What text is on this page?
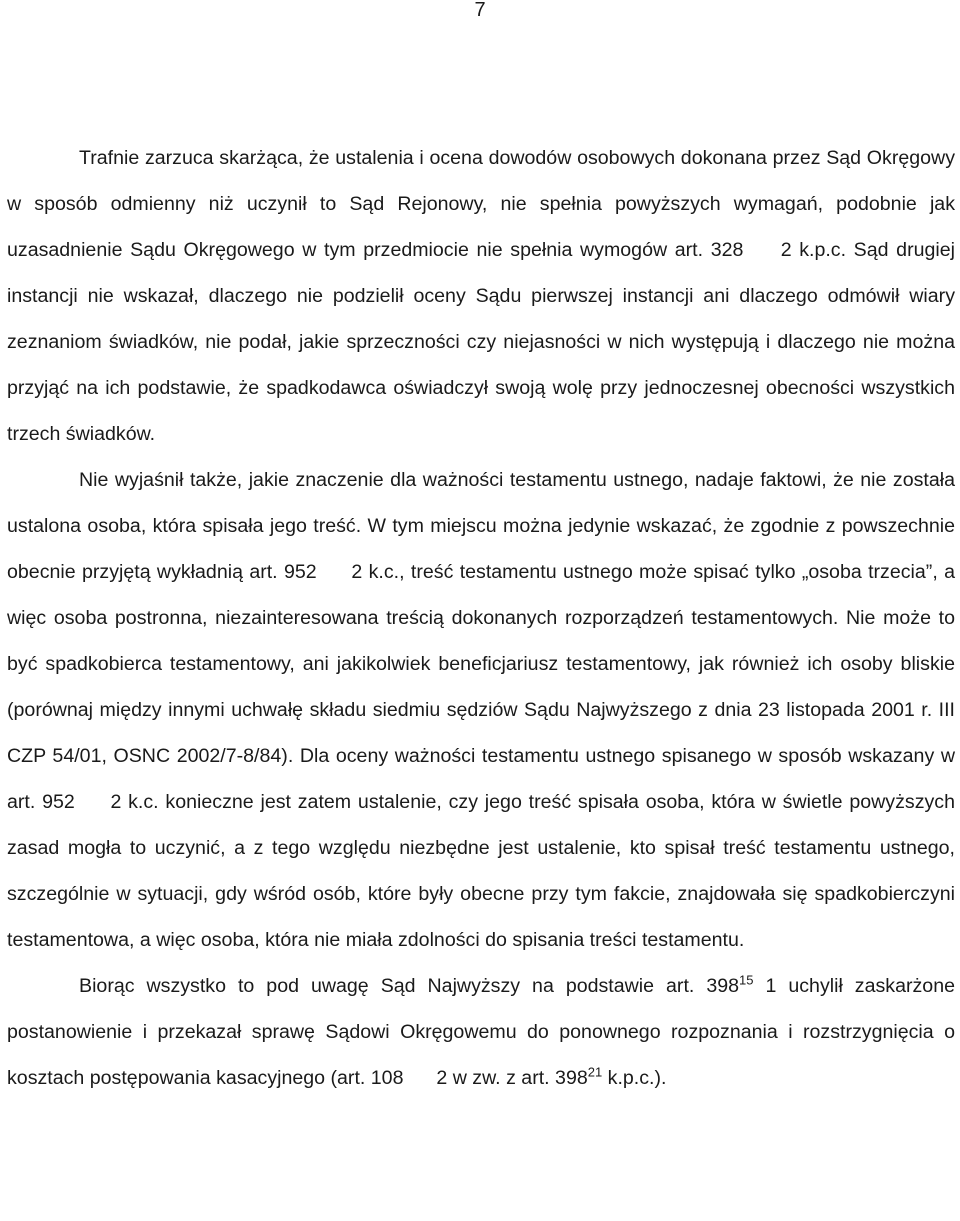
7

Trafnie zarzuca skarżąca, że ustalenia i ocena dowodów osobowych dokonana przez Sąd Okręgowy w sposób odmienny niż uczynił to Sąd Rejonowy, nie spełnia powyższych wymagań, podobnie jak uzasadnienie Sądu Okręgowego w tym przedmiocie nie spełnia wymogów art. 328 2 k.p.c. Sąd drugiej instancji nie wskazał, dlaczego nie podzielił oceny Sądu pierwszej instancji ani dlaczego odmówił wiary zeznaniom świadków, nie podał, jakie sprzeczności czy niejasności w nich występują i dlaczego nie można przyjąć na ich podstawie, że spadkodawca oświadczył swoją wolę przy jednoczesnej obecności wszystkich trzech świadków.

Nie wyjaśnił także, jakie znaczenie dla ważności testamentu ustnego, nadaje faktowi, że nie została ustalona osoba, która spisała jego treść. W tym miejscu można jedynie wskazać, że zgodnie z powszechnie obecnie przyjętą wykładnią art. 952 2 k.c., treść testamentu ustnego może spisać tylko „osoba trzecia”, a więc osoba postronna, niezainteresowana treścią dokonanych rozporządzeń testamentowych. Nie może to być spadkobierca testamentowy, ani jakikolwiek beneficjariusz testamentowy, jak również ich osoby bliskie (porównaj między innymi uchwałę składu siedmiu sędziów Sądu Najwyższego z dnia 23 listopada 2001 r. III CZP 54/01, OSNC 2002/7-8/84). Dla oceny ważności testamentu ustnego spisanego w sposób wskazany w art. 952 2 k.c. konieczne jest zatem ustalenie, czy jego treść spisała osoba, która w świetle powyższych zasad mogła to uczynić, a z tego względu niezbędne jest ustalenie, kto spisał treść testamentu ustnego, szczególnie w sytuacji, gdy wśród osób, które były obecne przy tym fakcie, znajdowała się spadkobierczyni testamentowa, a więc osoba, która nie miała zdolności do spisania treści testamentu.

Biorąc wszystko to pod uwagę Sąd Najwyższy na podstawie art. $398^{15}$ 1 uchylił zaskarżone postanowienie i przekazał sprawę Sądowi Okręgowemu do ponownego rozpoznania i rozstrzygnięcia o kosztach postępowania kasacyjnego (art. 108 2 w zw. z art. $398^{21}$ k.p.c.).
